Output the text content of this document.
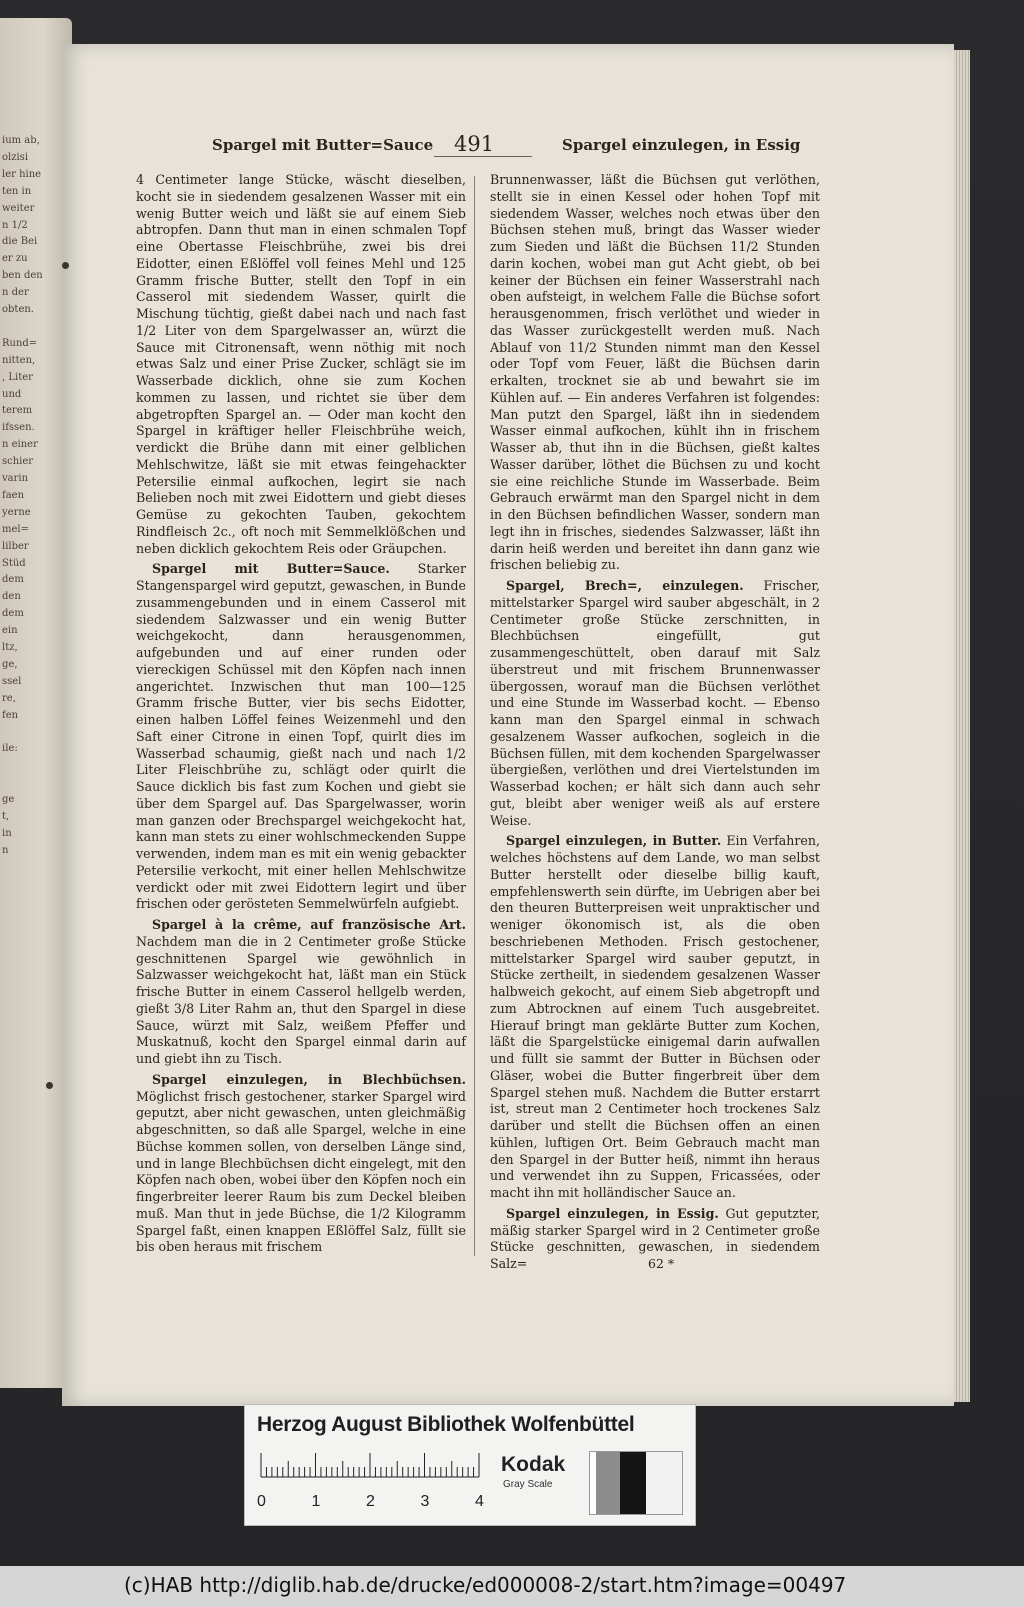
ium ab,
olzisi
ler hine
ten in
weiter
n 1/2
die Bei
er zu
ben den
n der
obten.
Rund=
nitten,
, Liter
und
terem
ifssen.
n einer
schier
varin
faen
yerne
mel=
lilber
Stüd
dem
den
dem
ein
ltz,
ge,
ssel
re,
fen
ile:
ge
t,
in
n
Spargel mit Butter=Sauce 491	Spargel einzulegen, in Essig

4 Centimeter lange Stücke, wäscht dieselben, kocht sie in siedendem gesalzenen Wasser mit ein wenig Butter weich und läßt sie auf einem Sieb abtropfen. Dann thut man in einen schmalen Topf eine Obertasse Fleischbrühe, zwei bis drei Eidotter, einen Eßlöffel voll feines Mehl und 125 Gramm frische Butter, stellt den Topf in ein Casserol mit siedendem Wasser, quirlt die Mischung tüchtig, gießt dabei nach und nach fast 1/2 Liter von dem Spargelwasser an, würzt die Sauce mit Citronensaft, wenn nöthig mit noch etwas Salz und einer Prise Zucker, schlägt sie im Wasserbade dicklich, ohne sie zum Kochen kommen zu lassen, und richtet sie über dem abgetropften Spargel an. — Oder man kocht den Spargel in kräftiger heller Fleischbrühe weich, verdickt die Brühe dann mit einer gelblichen Mehlschwitze, läßt sie mit etwas feingehackter Petersilie einmal aufkochen, legirt sie nach Belieben noch mit zwei Eidottern und giebt dieses Gemüse zu gekochten Tauben, gekochtem Rindfleisch 2c., oft noch mit Semmelklößchen und neben dicklich gekochtem Reis oder Gräupchen.

Spargel mit Butter=Sauce. Starker Stangenspargel wird geputzt, gewaschen, in Bunde zusammengebunden und in einem Casserol mit siedendem Salzwasser und ein wenig Butter weichgekocht, dann herausgenommen, aufgebunden und auf einer runden oder viereckigen Schüssel mit den Köpfen nach innen angerichtet. Inzwischen thut man 100—125 Gramm frische Butter, vier bis sechs Eidotter, einen halben Löffel feines Weizenmehl und den Saft einer Citrone in einen Topf, quirlt dies im Wasserbad schaumig, gießt nach und nach 1/2 Liter Fleischbrühe zu, schlägt oder quirlt die Sauce dicklich bis fast zum Kochen und giebt sie über dem Spargel auf. Das Spargelwasser, worin man ganzen oder Brechspargel weichgekocht hat, kann man stets zu einer wohlschmeckenden Suppe verwenden, indem man es mit ein wenig gebackter Petersilie verkocht, mit einer hellen Mehlschwitze verdickt oder mit zwei Eidottern legirt und über frischen oder gerösteten Semmelwürfeln aufgiebt.

Spargel à la crême, auf französische Art. Nachdem man die in 2 Centimeter große Stücke geschnittenen Spargel wie gewöhnlich in Salzwasser weichgekocht hat, läßt man ein Stück frische Butter in einem Casserol hellgelb werden, gießt 3/8 Liter Rahm an, thut den Spargel in diese Sauce, würzt mit Salz, weißem Pfeffer und Muskatnuß, kocht den Spargel einmal darin auf und giebt ihn zu Tisch.

Spargel einzulegen, in Blechbüchsen. Möglichst frisch gestochener, starker Spargel wird geputzt, aber nicht gewaschen, unten gleichmäßig abgeschnitten, so daß alle Spargel, welche in eine Büchse kommen sollen, von derselben Länge sind, und in lange Blechbüchsen dicht eingelegt, mit den Köpfen nach oben, wobei über den Köpfen noch ein fingerbreiter leerer Raum bis zum Deckel bleiben muß. Man thut in jede Büchse, die 1/2 Kilogramm Spargel faßt, einen knappen Eßlöffel Salz, füllt sie bis oben heraus mit frischem

Brunnenwasser, läßt die Büchsen gut verlöthen, stellt sie in einen Kessel oder hohen Topf mit siedendem Wasser, welches noch etwas über den Büchsen stehen muß, bringt das Wasser wieder zum Sieden und läßt die Büchsen 11/2 Stunden darin kochen, wobei man gut Acht giebt, ob bei keiner der Büchsen ein feiner Wasserstrahl nach oben aufsteigt, in welchem Falle die Büchse sofort herausgenommen, frisch verlöthet und wieder in das Wasser zurückgestellt werden muß. Nach Ablauf von 11/2 Stunden nimmt man den Kessel oder Topf vom Feuer, läßt die Büchsen darin erkalten, trocknet sie ab und bewahrt sie im Kühlen auf. — Ein anderes Verfahren ist folgendes: Man putzt den Spargel, läßt ihn in siedendem Wasser einmal aufkochen, kühlt ihn in frischem Wasser ab, thut ihn in die Büchsen, gießt kaltes Wasser darüber, löthet die Büchsen zu und kocht sie eine reichliche Stunde im Wasserbade. Beim Gebrauch erwärmt man den Spargel nicht in dem in den Büchsen befindlichen Wasser, sondern man legt ihn in frisches, siedendes Salzwasser, läßt ihn darin heiß werden und bereitet ihn dann ganz wie frischen beliebig zu.

Spargel, Brech=, einzulegen. Frischer, mittelstarker Spargel wird sauber abgeschält, in 2 Centimeter große Stücke zerschnitten, in Blechbüchsen eingefüllt, gut zusammengeschüttelt, oben darauf mit Salz überstreut und mit frischem Brunnenwasser übergossen, worauf man die Büchsen verlöthet und eine Stunde im Wasserbad kocht. — Ebenso kann man den Spargel einmal in schwach gesalzenem Wasser aufkochen, sogleich in die Büchsen füllen, mit dem kochenden Spargelwasser übergießen, verlöthen und drei Viertelstunden im Wasserbad kochen; er hält sich dann auch sehr gut, bleibt aber weniger weiß als auf erstere Weise.

Spargel einzulegen, in Butter. Ein Verfahren, welches höchstens auf dem Lande, wo man selbst Butter herstellt oder dieselbe billig kauft, empfehlenswerth sein dürfte, im Uebrigen aber bei den theuren Butterpreisen weit unpraktischer und weniger ökonomisch ist, als die oben beschriebenen Methoden. Frisch gestochener, mittelstarker Spargel wird sauber geputzt, in Stücke zertheilt, in siedendem gesalzenen Wasser halbweich gekocht, auf einem Sieb abgetropft und zum Abtrocknen auf einem Tuch ausgebreitet. Hierauf bringt man geklärte Butter zum Kochen, läßt die Spargelstücke einigemal darin aufwallen und füllt sie sammt der Butter in Büchsen oder Gläser, wobei die Butter fingerbreit über dem Spargel stehen muß. Nachdem die Butter erstarrt ist, streut man 2 Centimeter hoch trockenes Salz darüber und stellt die Büchsen offen an einen kühlen, luftigen Ort. Beim Gebrauch macht man den Spargel in der Butter heiß, nimmt ihn heraus und verwendet ihn zu Suppen, Fricassées, oder macht ihn mit holländischer Sauce an.

Spargel einzulegen, in Essig. Gut geputzter, mäßig starker Spargel wird in 2 Centimeter große Stücke geschnitten, gewaschen, in siedendem Salz=	62 *
Herzog August Bibliothek Wolfenbüttel
0	1	2	3	4
Kodak
Gray Scale
(c)HAB http://diglib.hab.de/drucke/ed000008-2/start.htm?image=00497
